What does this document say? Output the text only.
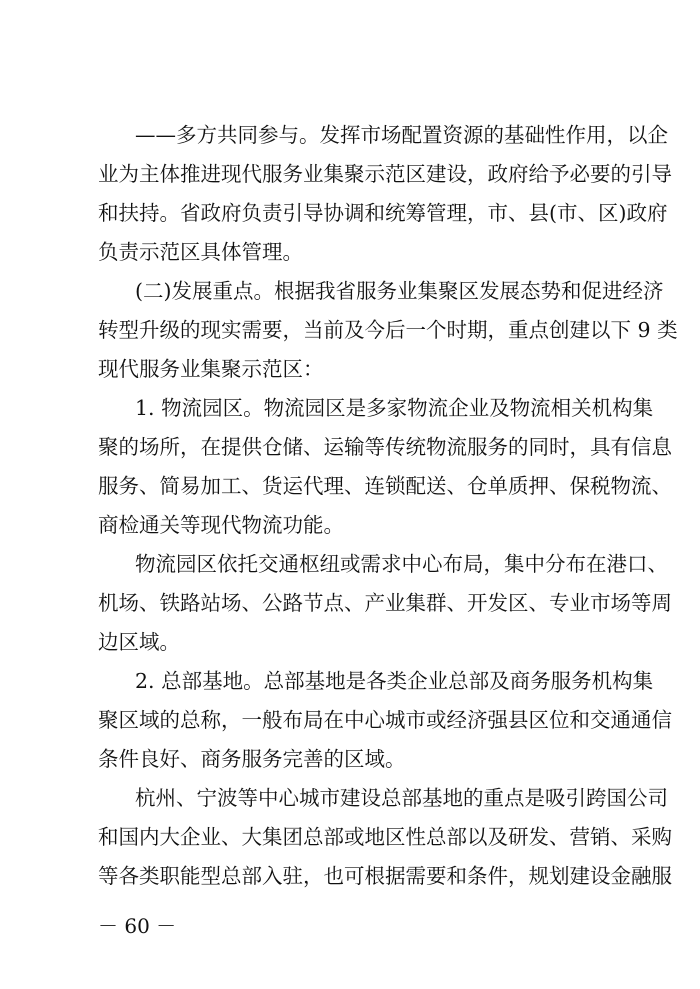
——多方共同参与。发挥市场配置资源的基础性作用，以企
业为主体推进现代服务业集聚示范区建设，政府给予必要的引导
和扶持。省政府负责引导协调和统筹管理，市、县(市、区)政府
负责示范区具体管理。
(二)发展重点。根据我省服务业集聚区发展态势和促进经济
转型升级的现实需要，当前及今后一个时期，重点创建以下 9 类
现代服务业集聚示范区：
1. 物流园区。物流园区是多家物流企业及物流相关机构集
聚的场所，在提供仓储、运输等传统物流服务的同时，具有信息
服务、简易加工、货运代理、连锁配送、仓单质押、保税物流、
商检通关等现代物流功能。
物流园区依托交通枢纽或需求中心布局，集中分布在港口、
机场、铁路站场、公路节点、产业集群、开发区、专业市场等周
边区域。
2. 总部基地。总部基地是各类企业总部及商务服务机构集
聚区域的总称，一般布局在中心城市或经济强县区位和交通通信
条件良好、商务服务完善的区域。
杭州、宁波等中心城市建设总部基地的重点是吸引跨国公司
和国内大企业、大集团总部或地区性总部以及研发、营销、采购
等各类职能型总部入驻，也可根据需要和条件，规划建设金融服
－ 60 －
